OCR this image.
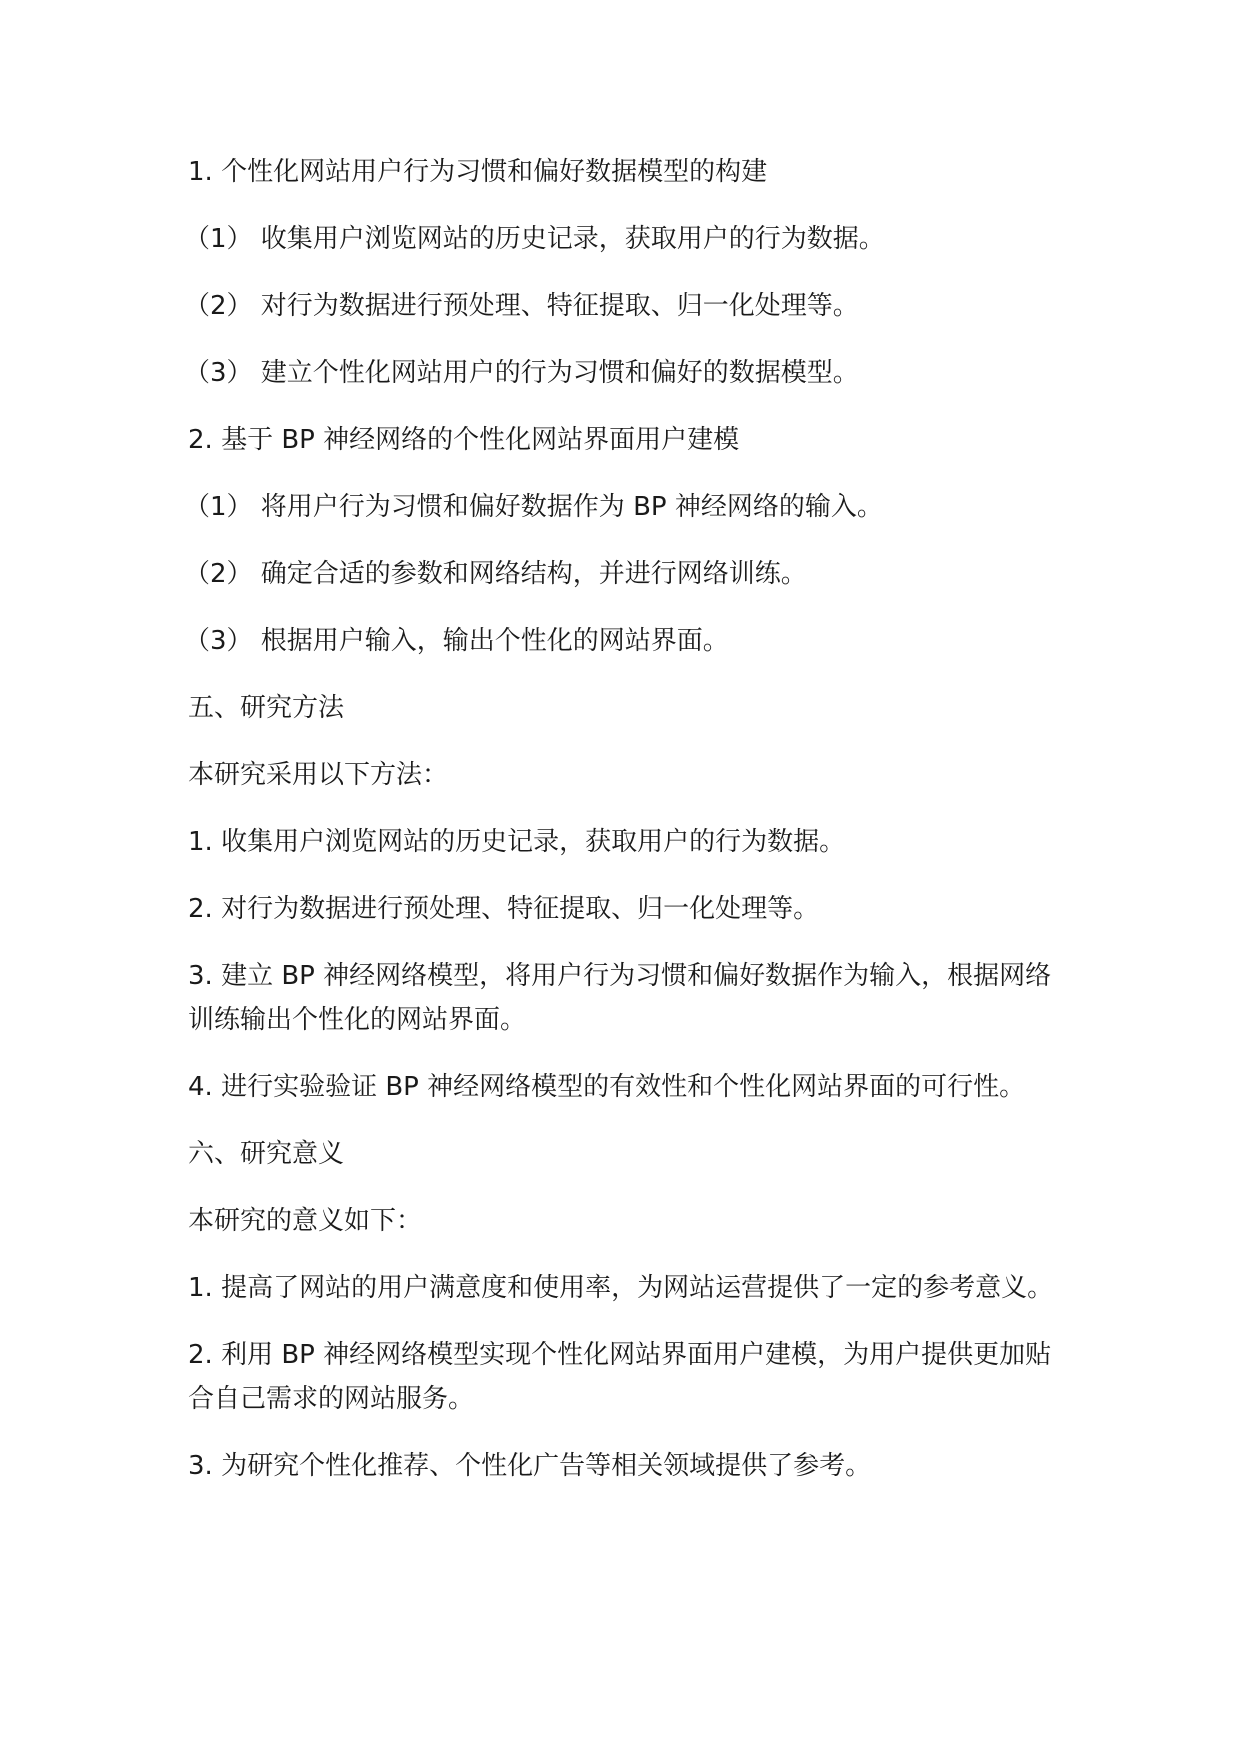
1. 个性化网站用户行为习惯和偏好数据模型的构建

（1） 收集用户浏览网站的历史记录，获取用户的行为数据。

（2） 对行为数据进行预处理、特征提取、归一化处理等。

（3） 建立个性化网站用户的行为习惯和偏好的数据模型。

2. 基于 BP 神经网络的个性化网站界面用户建模

（1） 将用户行为习惯和偏好数据作为 BP 神经网络的输入。

（2） 确定合适的参数和网络结构，并进行网络训练。

（3） 根据用户输入，输出个性化的网站界面。

五、研究方法

本研究采用以下方法：

1. 收集用户浏览网站的历史记录，获取用户的行为数据。

2. 对行为数据进行预处理、特征提取、归一化处理等。

3. 建立 BP 神经网络模型，将用户行为习惯和偏好数据作为输入，根据网络训练输出个性化的网站界面。

4. 进行实验验证 BP 神经网络模型的有效性和个性化网站界面的可行性。

六、研究意义

本研究的意义如下：

1. 提高了网站的用户满意度和使用率，为网站运营提供了一定的参考意义。

2. 利用 BP 神经网络模型实现个性化网站界面用户建模，为用户提供更加贴合自己需求的网站服务。

3. 为研究个性化推荐、个性化广告等相关领域提供了参考。
